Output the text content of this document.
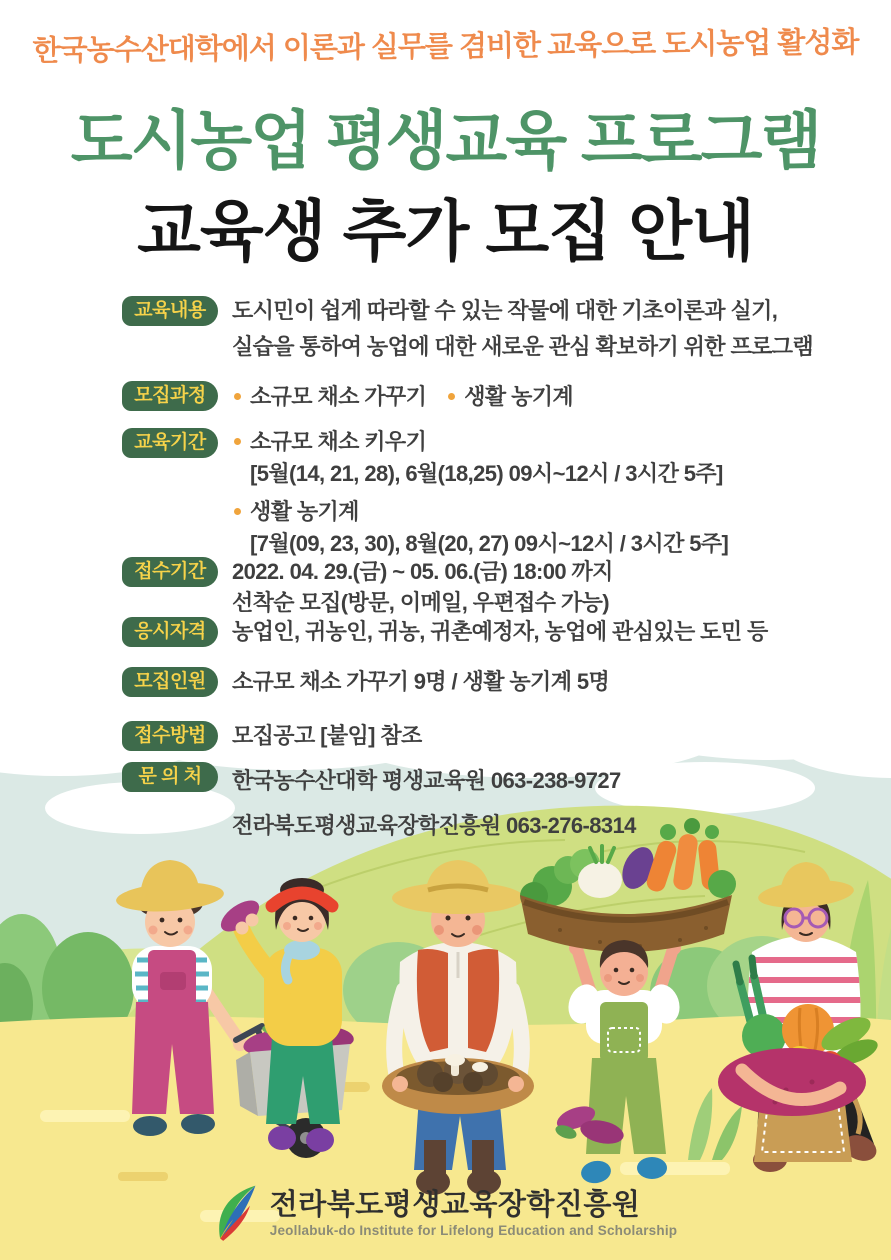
한국농수산대학에서 이론과 실무를 겸비한 교육으로 도시농업 활성화
도시농업 평생교육 프로그램
교육생 추가 모집 안내
교육내용	도시민이 쉽게 따라할 수 있는 작물에 대한 기초이론과 실기,
실습을 통하여 농업에 대한 새로운 관심 확보하기 위한 프로그램
모집과정	소규모 채소 가꾸기 생활 농기계
교육기간	소규모 채소 키우기
[5월(14, 21, 28), 6월(18,25) 09시~12시 / 3시간 5주]
생활 농기계
[7월(09, 23, 30), 8월(20, 27) 09시~12시 / 3시간 5주]
접수기간	2022. 04. 29.(금) ~ 05. 06.(금) 18:00 까지
선착순 모집(방문, 이메일, 우편접수 가능)
응시자격	농업인, 귀농인, 귀농, 귀촌예정자, 농업에 관심있는 도민 등
모집인원	소규모 채소 가꾸기 9명 / 생활 농기계 5명
접수방법	모집공고 [붙임] 참조
문 의 처	한국농수산대학 평생교육원 063-238-9727
전라북도평생교육장학진흥원 063-276-8314
전라북도평생교육장학진흥원
Jeollabuk-do Institute for Lifelong Education and Scholarship
